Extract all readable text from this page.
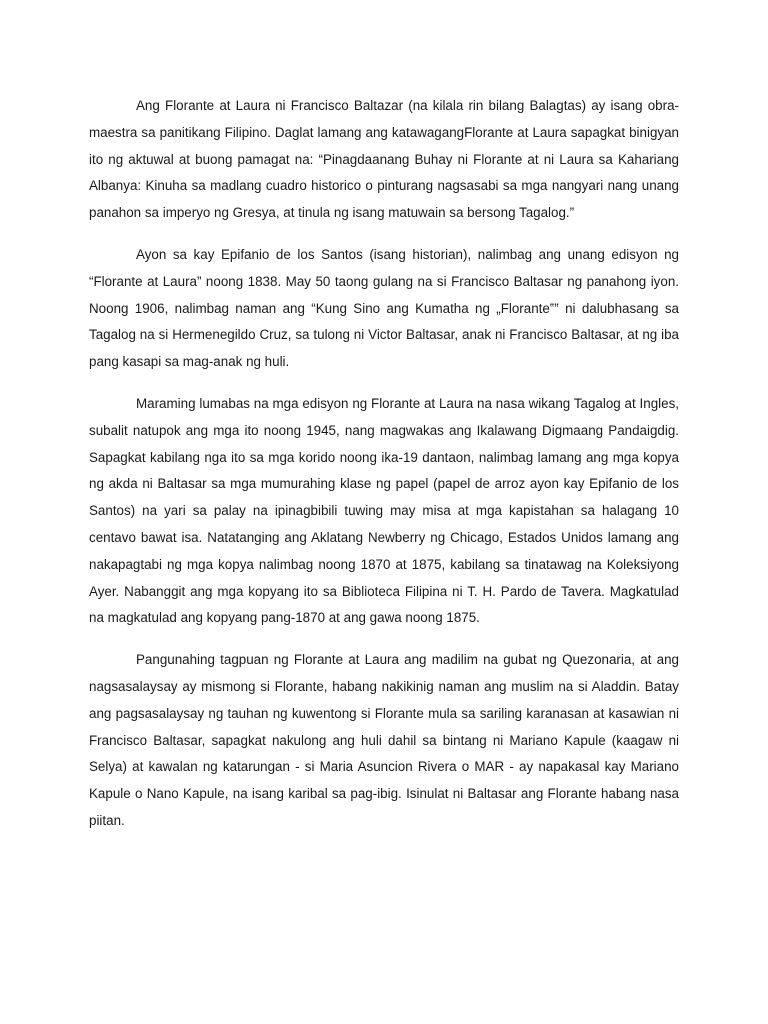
Ang Florante at Laura ni Francisco Baltazar (na kilala rin bilang Balagtas) ay isang obra-maestra sa panitikang Filipino. Daglat lamang ang katawagangFlorante at Laura sapagkat binigyan ito ng aktuwal at buong pamagat na: “Pinagdaanang Buhay ni Florante at ni Laura sa Kahariang Albanya: Kinuha sa madlang cuadro historico o pinturang nagsasabi sa mga nangyari nang unang panahon sa imperyo ng Gresya, at tinula ng isang matuwain sa bersong Tagalog.”

Ayon sa kay Epifanio de los Santos (isang historian), nalimbag ang unang edisyon ng “Florante at Laura” noong 1838. May 50 taong gulang na si Francisco Baltasar ng panahong iyon. Noong 1906, nalimbag naman ang “Kung Sino ang Kumatha ng „Florante‟” ni dalubhasang sa Tagalog na si Hermenegildo Cruz, sa tulong ni Victor Baltasar, anak ni Francisco Baltasar, at ng iba pang kasapi sa mag-anak ng huli.

Maraming lumabas na mga edisyon ng Florante at Laura na nasa wikang Tagalog at Ingles, subalit natupok ang mga ito noong 1945, nang magwakas ang Ikalawang Digmaang Pandaigdig. Sapagkat kabilang nga ito sa mga korido noong ika-19 dantaon, nalimbag lamang ang mga kopya ng akda ni Baltasar sa mga mumurahing klase ng papel (papel de arroz ayon kay Epifanio de los Santos) na yari sa palay na ipinagbibili tuwing may misa at mga kapistahan sa halagang 10 centavo bawat isa. Natatanging ang Aklatang Newberry ng Chicago, Estados Unidos lamang ang nakapagtabi ng mga kopya nalimbag noong 1870 at 1875, kabilang sa tinatawag na Koleksiyong Ayer. Nabanggit ang mga kopyang ito sa Biblioteca Filipina ni T. H. Pardo de Tavera. Magkatulad na magkatulad ang kopyang pang-1870 at ang gawa noong 1875.

Pangunahing tagpuan ng Florante at Laura ang madilim na gubat ng Quezonaria, at ang nagsasalaysay ay mismong si Florante, habang nakikinig naman ang muslim na si Aladdin. Batay ang pagsasalaysay ng tauhan ng kuwentong si Florante mula sa sariling karanasan at kasawian ni Francisco Baltasar, sapagkat nakulong ang huli dahil sa bintang ni Mariano Kapule (kaagaw ni Selya) at kawalan ng katarungan - si Maria Asuncion Rivera o MAR - ay napakasal kay Mariano Kapule o Nano Kapule, na isang karibal sa pag-ibig. Isinulat ni Baltasar ang Florante habang nasa piitan.
